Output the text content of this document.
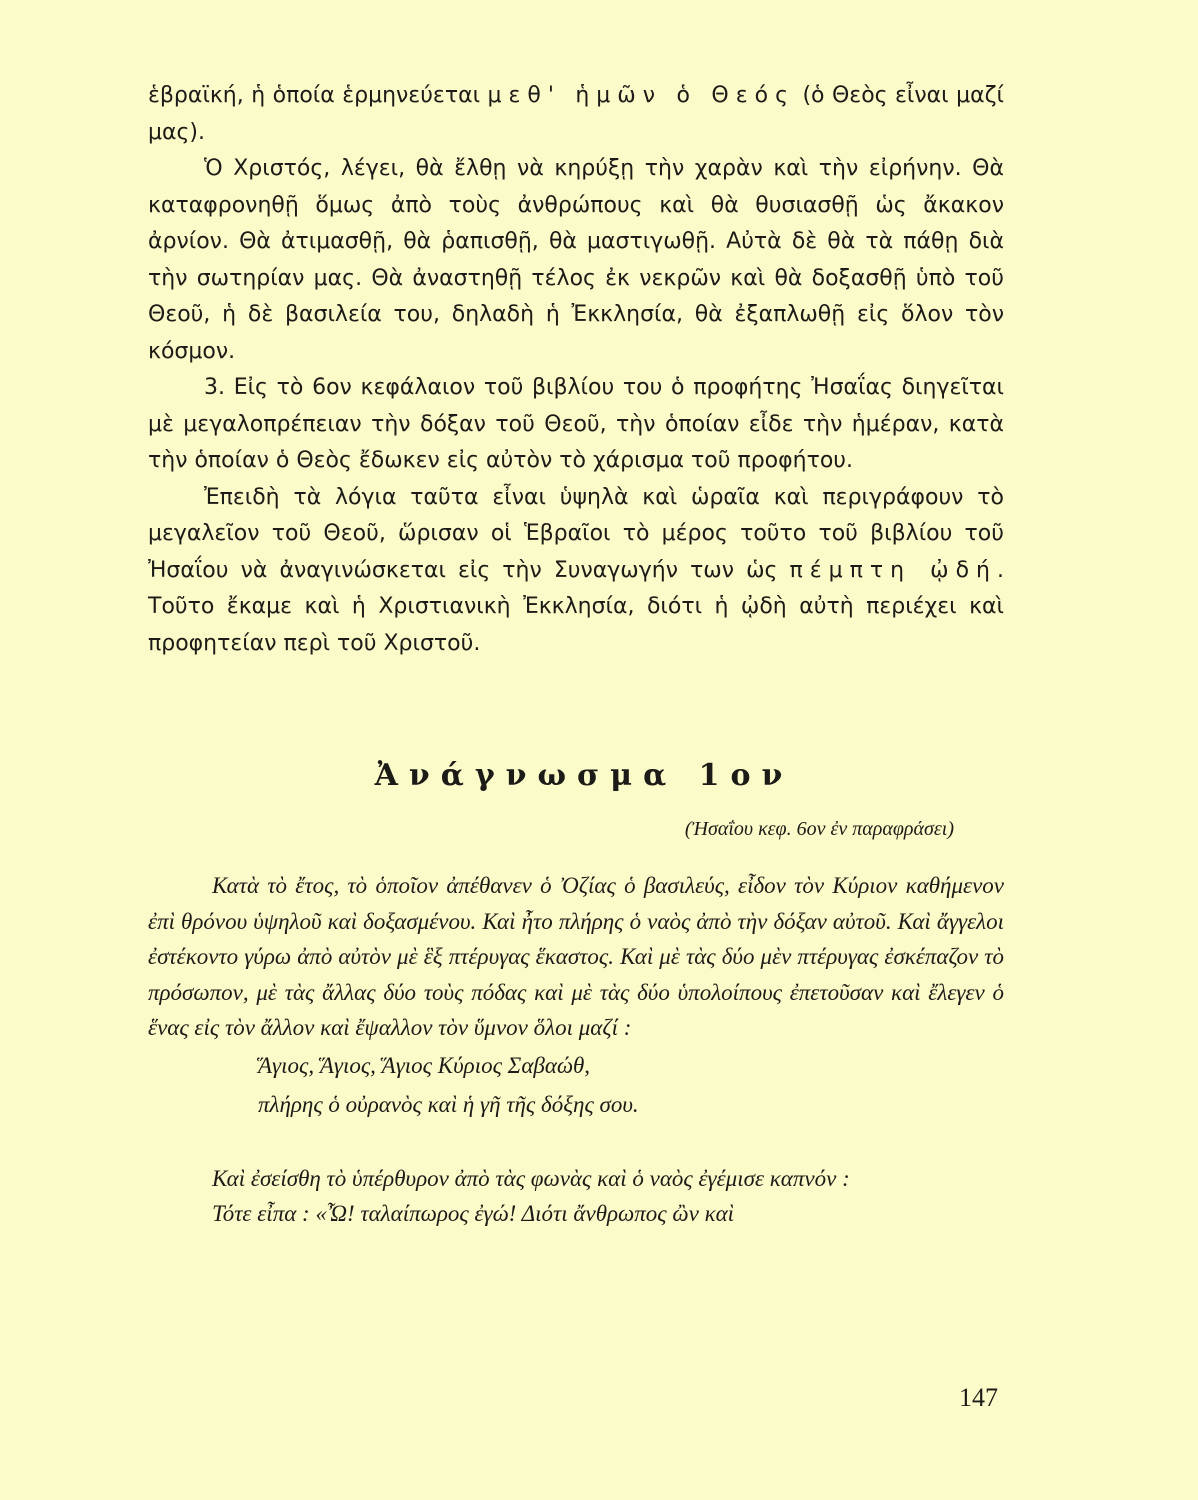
ἑβραϊκή, ἡ ὁποία ἑρμηνεύεται μεθ' ἡμῶν ὁ Θεός (ὁ Θεὸς εἶναι μαζί μας).

Ὁ Χριστός, λέγει, θὰ ἔλθῃ νὰ κηρύξῃ τὴν χαρὰν καὶ τὴν εἰρήνην. Θὰ καταφρονηθῇ ὅμως ἀπὸ τοὺς ἀνθρώπους καὶ θὰ θυσιασθῇ ὡς ἄκακον ἀρνίον. Θὰ ἀτιμασθῇ, θὰ ῥαπισθῇ, θὰ μαστιγωθῇ. Αὐτὰ δὲ θὰ τὰ πάθῃ διὰ τὴν σωτηρίαν μας. Θὰ ἀναστηθῇ τέλος ἐκ νεκρῶν καὶ θὰ δοξασθῇ ὑπὸ τοῦ Θεοῦ, ἡ δὲ βασιλεία του, δηλαδὴ ἡ Ἐκκλησία, θὰ ἐξαπλωθῇ εἰς ὅλον τὸν κόσμον.

3. Εἰς τὸ 6ον κεφάλαιον τοῦ βιβλίου του ὁ προφήτης Ἠσαΐας διηγεῖται μὲ μεγαλοπρέπειαν τὴν δόξαν τοῦ Θεοῦ, τὴν ὁποίαν εἶδε τὴν ἡμέραν, κατὰ τὴν ὁποίαν ὁ Θεὸς ἔδωκεν εἰς αὐτὸν τὸ χάρισμα τοῦ προφήτου.

Ἐπειδὴ τὰ λόγια ταῦτα εἶναι ὑψηλὰ καὶ ὡραῖα καὶ περιγράφουν τὸ μεγαλεῖον τοῦ Θεοῦ, ὥρισαν οἱ Ἑβραῖοι τὸ μέρος τοῦτο τοῦ βιβλίου τοῦ Ἠσαΐου νὰ ἀναγινώσκεται εἰς τὴν Συναγωγήν των ὡς πέμπτη ᾠδή. Τοῦτο ἔκαμε καὶ ἡ Χριστιανικὴ Ἐκκλησία, διότι ἡ ᾠδὴ αὐτὴ περιέχει καὶ προφητείαν περὶ τοῦ Χριστοῦ.

Ἀνάγνωσμα 1ον
(Ἠσαΐου κεφ. 6ον ἐν παραφράσει)

Κατὰ τὸ ἔτος, τὸ ὁποῖον ἀπέθανεν ὁ Ὀζίας ὁ βασιλεύς, εἶδον τὸν Κύριον καθήμενον ἐπὶ θρόνου ὑψηλοῦ καὶ δοξασμένου. Καὶ ἦτο πλήρης ὁ ναὸς ἀπὸ τὴν δόξαν αὐτοῦ. Καὶ ἄγγελοι ἐστέκοντο γύρω ἀπὸ αὐτὸν μὲ ἓξ πτέρυγας ἕκαστος. Καὶ μὲ τὰς δύο μὲν πτέρυγας ἐσκέπαζον τὸ πρόσωπον, μὲ τὰς ἄλλας δύο τοὺς πόδας καὶ μὲ τὰς δύο ὑπολοίπους ἐπετοῦσαν καὶ ἔλεγεν ὁ ἕνας εἰς τὸν ἄλλον καὶ ἔψαλλον τὸν ὕμνον ὅλοι μαζί :

Ἅγιος, Ἅγιος, Ἅγιος Κύριος Σαβαώθ,

πλήρης ὁ οὐρανὸς καὶ ἡ γῆ τῆς δόξης σου.

Καὶ ἐσείσθη τὸ ὑπέρθυρον ἀπὸ τὰς φωνὰς καὶ ὁ ναὸς ἐγέμισε καπνόν :

Τότε εἶπα : «Ὦ! ταλαίπωρος ἐγώ! Διότι ἄνθρωπος ὢν καὶ

147
